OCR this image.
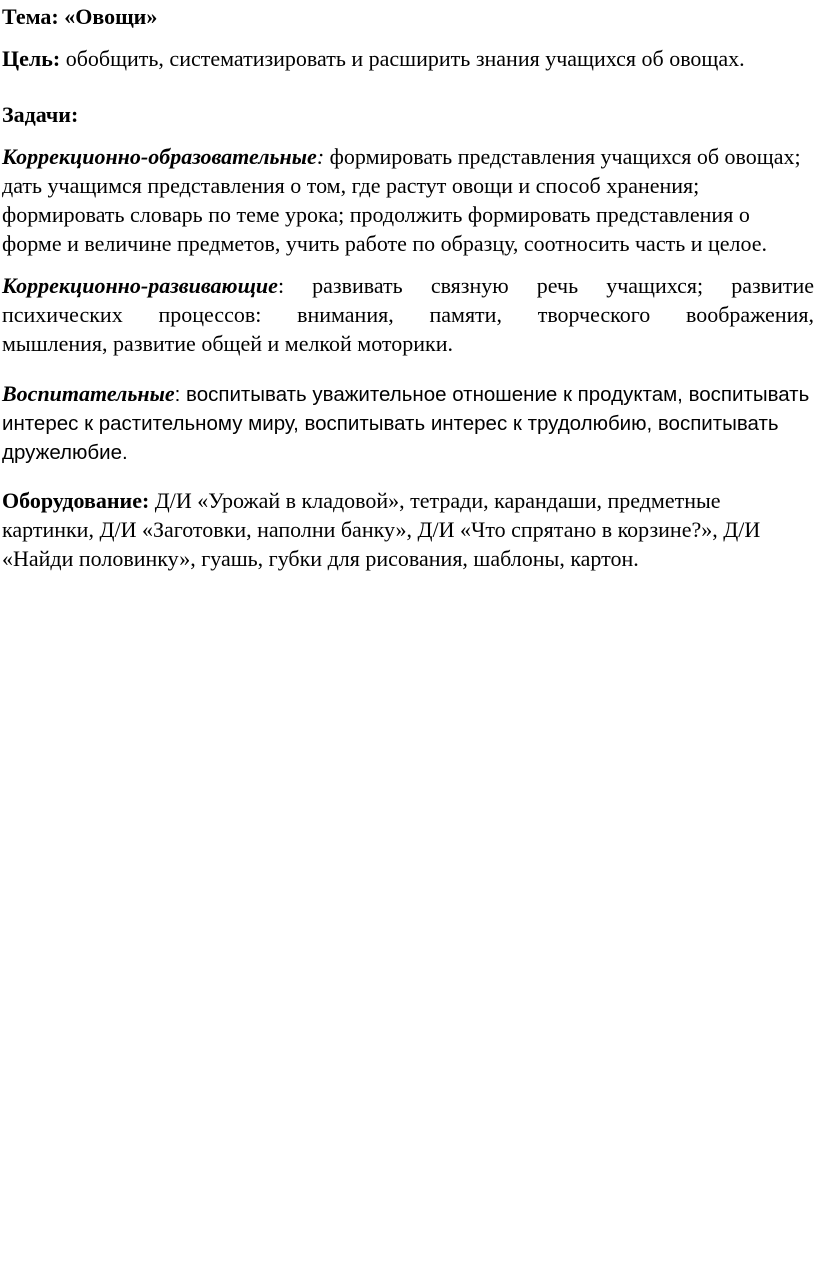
Тема: «Овощи»

Цель: обобщить, систематизировать и расширить знания учащихся об овощах.

Задачи:

Коррекционно-образовательные: формировать представления учащихся об овощах; дать учащимся представления о том, где растут овощи и способ хранения; формировать словарь по теме урока; продолжить формировать представления о форме и величине предметов, учить работе по образцу, соотносить часть и целое.

Коррекционно-развивающие: развивать связную речь учащихся; развитие
психических процессов: внимания, памяти, творческого воображения,
мышления, развитие общей и мелкой моторики.

Воспитательные: воспитывать уважительное отношение к продуктам, воспитывать интерес к растительному миру, воспитывать интерес к трудолюбию, воспитывать дружелюбие.

Оборудование: Д/И «Урожай в кладовой», тетради, карандаши, предметные картинки, Д/И «Заготовки, наполни банку», Д/И «Что спрятано в корзине?», Д/И «Найди половинку», гуашь, губки для рисования, шаблоны, картон.
